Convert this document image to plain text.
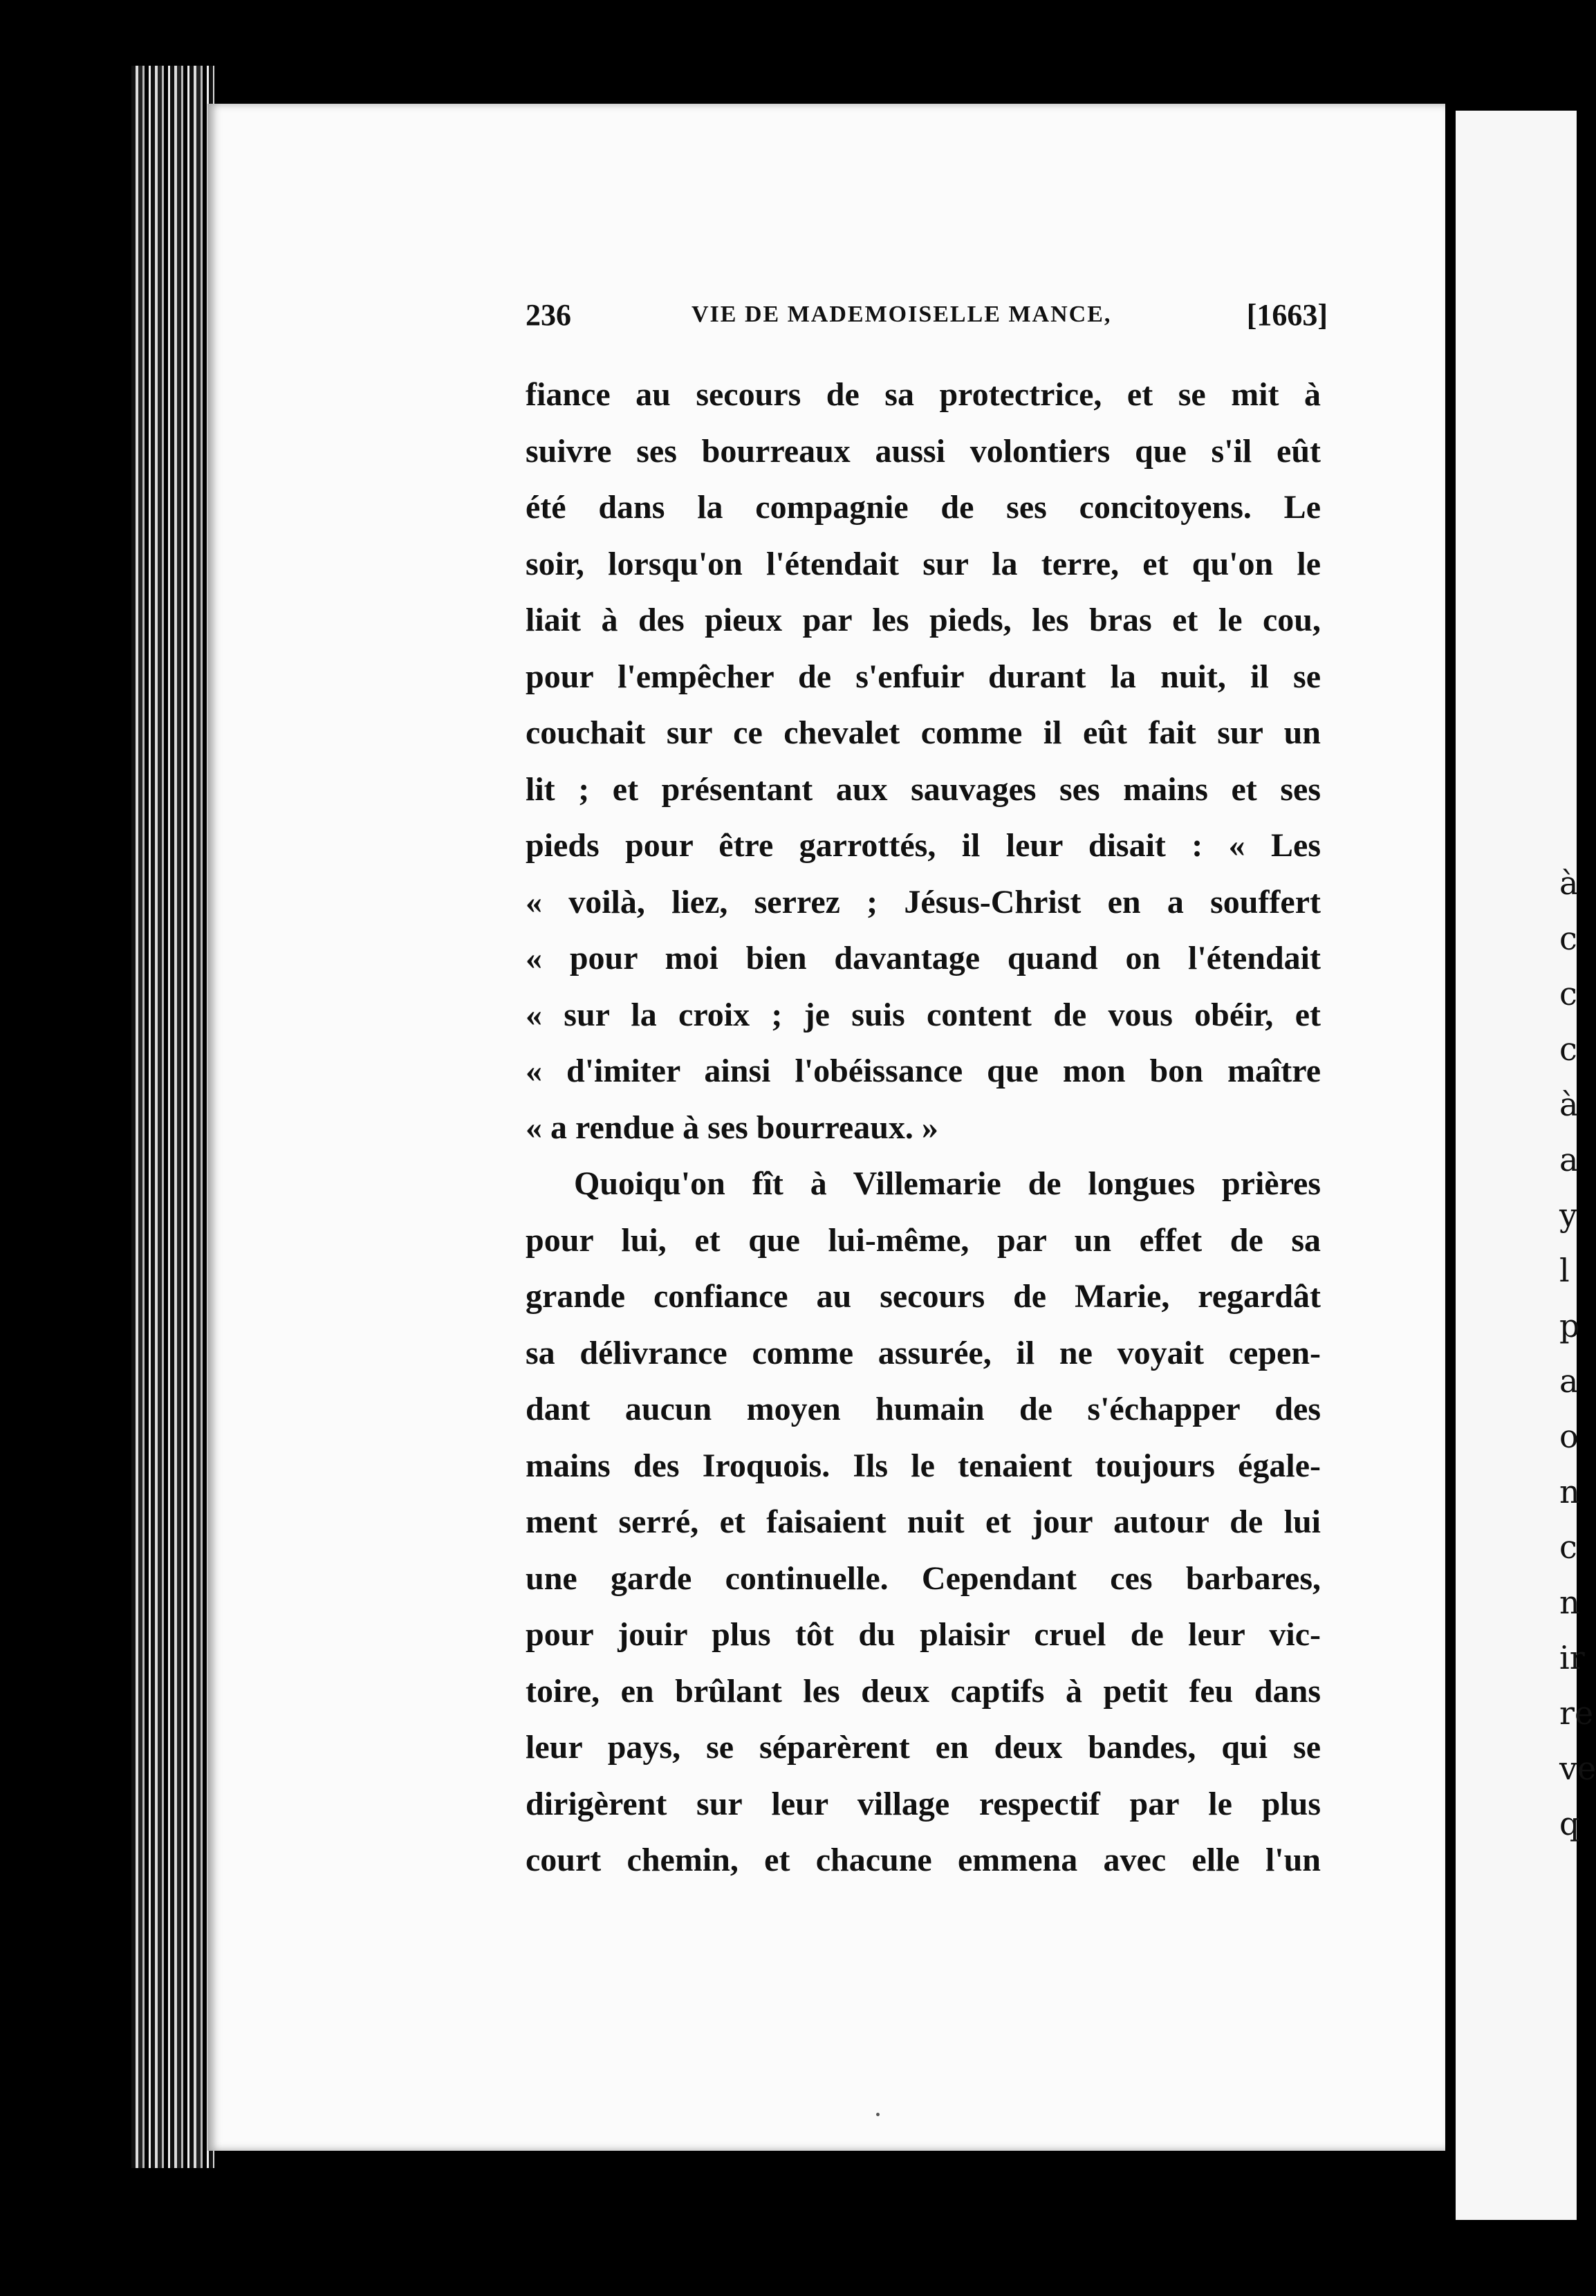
à
c
c
c
à
a
y
l
p
a
o
n
c
n
ir
re
ve
q
236	VIE DE MADEMOISELLE MANCE,	[1663]
fiance au secours de sa protectrice, et se mit à
suivre ses bourreaux aussi volontiers que s'il eût
été dans la compagnie de ses concitoyens. Le
soir, lorsqu'on l'étendait sur la terre, et qu'on le
liait à des pieux par les pieds, les bras et le cou,
pour l'empêcher de s'enfuir durant la nuit, il se
couchait sur ce chevalet comme il eût fait sur un
lit ; et présentant aux sauvages ses mains et ses
pieds pour être garrottés, il leur disait : « Les
« voilà, liez, serrez ; Jésus-Christ en a souffert
« pour moi bien davantage quand on l'étendait
« sur la croix ; je suis content de vous obéir, et
« d'imiter ainsi l'obéissance que mon bon maître
« a rendue à ses bourreaux. »
Quoiqu'on fît à Villemarie de longues prières
pour lui, et que lui-même, par un effet de sa
grande confiance au secours de Marie, regardât
sa délivrance comme assurée, il ne voyait cepen-
dant aucun moyen humain de s'échapper des
mains des Iroquois. Ils le tenaient toujours égale-
ment serré, et faisaient nuit et jour autour de lui
une garde continuelle. Cependant ces barbares,
pour jouir plus tôt du plaisir cruel de leur vic-
toire, en brûlant les deux captifs à petit feu dans
leur pays, se séparèrent en deux bandes, qui se
dirigèrent sur leur village respectif par le plus
court chemin, et chacune emmena avec elle l'un
